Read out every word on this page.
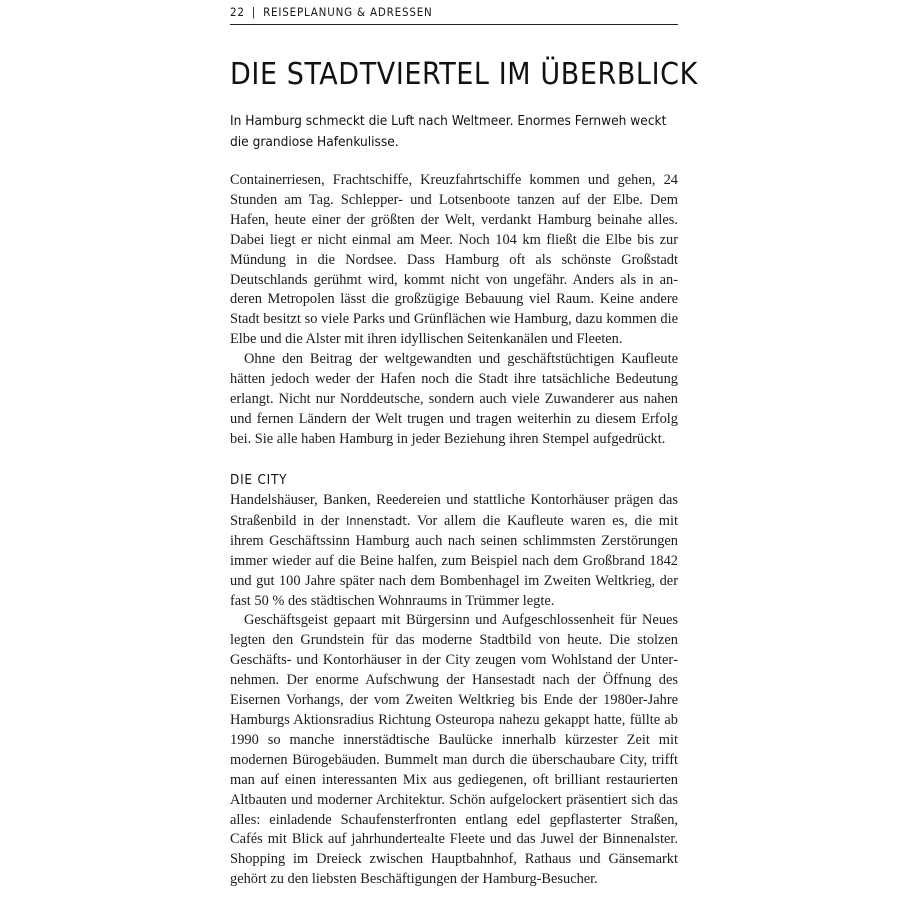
22 | REISEPLANUNG & ADRESSEN
DIE STADTVIERTEL IM ÜBERBLICK

In Hamburg schmeckt die Luft nach Weltmeer. Enormes Fernweh weckt die grandiose Hafenkulisse.

Containerriesen, Frachtschiffe, Kreuzfahrtschiffe kommen und gehen, 24 Stunden am Tag. Schlepper- und Lotsenboote tanzen auf der Elbe. Dem Hafen, heute einer der größten der Welt, verdankt Hamburg beinahe alles. Dabei liegt er nicht einmal am Meer. Noch 104 km fließt die Elbe bis zur Mündung in die Nordsee. Dass Hamburg oft als schönste Großstadt Deutschlands gerühmt wird, kommt nicht von ungefähr. Anders als in anderen Metropolen lässt die großzügige Bebauung viel Raum. Keine andere Stadt besitzt so viele Parks und Grünflächen wie Hamburg, dazu kommen die Elbe und die Alster mit ihren idyllischen Seitenkanälen und Fleeten.

Ohne den Beitrag der weltgewandten und geschäftstüchtigen Kaufleute hätten jedoch weder der Hafen noch die Stadt ihre tatsächliche Bedeutung erlangt. Nicht nur Norddeutsche, sondern auch viele Zuwanderer aus nahen und fernen Ländern der Welt trugen und tragen weiterhin zu diesem Erfolg bei. Sie alle haben Hamburg in jeder Beziehung ihren Stempel aufgedrückt.

DIE CITY

Handelshäuser, Banken, Reedereien und stattliche Kontorhäuser prägen das Straßenbild in der Innenstadt. Vor allem die Kaufleute waren es, die mit ihrem Geschäftssinn Hamburg auch nach seinen schlimmsten Zerstörungen immer wieder auf die Beine halfen, zum Beispiel nach dem Großbrand 1842 und gut 100 Jahre später nach dem Bombenhagel im Zweiten Weltkrieg, der fast 50 % des städtischen Wohnraums in Trümmer legte.

Geschäftsgeist gepaart mit Bürgersinn und Aufgeschlossenheit für Neues legten den Grundstein für das moderne Stadtbild von heute. Die stolzen Geschäfts- und Kontorhäuser in der City zeugen vom Wohlstand der Unternehmen. Der enorme Aufschwung der Hansestadt nach der Öffnung des Eisernen Vorhangs, der vom Zweiten Weltkrieg bis Ende der 1980er-Jahre Hamburgs Aktionsradius Richtung Osteuropa nahezu gekappt hatte, füllte ab 1990 so manche innerstädtische Baulücke innerhalb kürzester Zeit mit modernen Bürogebäuden. Bummelt man durch die überschaubare City, trifft man auf einen interessanten Mix aus gediegenen, oft brilliant restaurierten Altbauten und moderner Architektur. Schön aufgelockert präsentiert sich das alles: einladende Schaufensterfronten entlang edel gepflasterter Straßen, Cafés mit Blick auf jahrhundertealte Fleete und das Juwel der Binnenalster. Shopping im Dreieck zwischen Hauptbahnhof, Rathaus und Gänsemarkt gehört zu den liebsten Beschäftigungen der Hamburg-Besucher.
